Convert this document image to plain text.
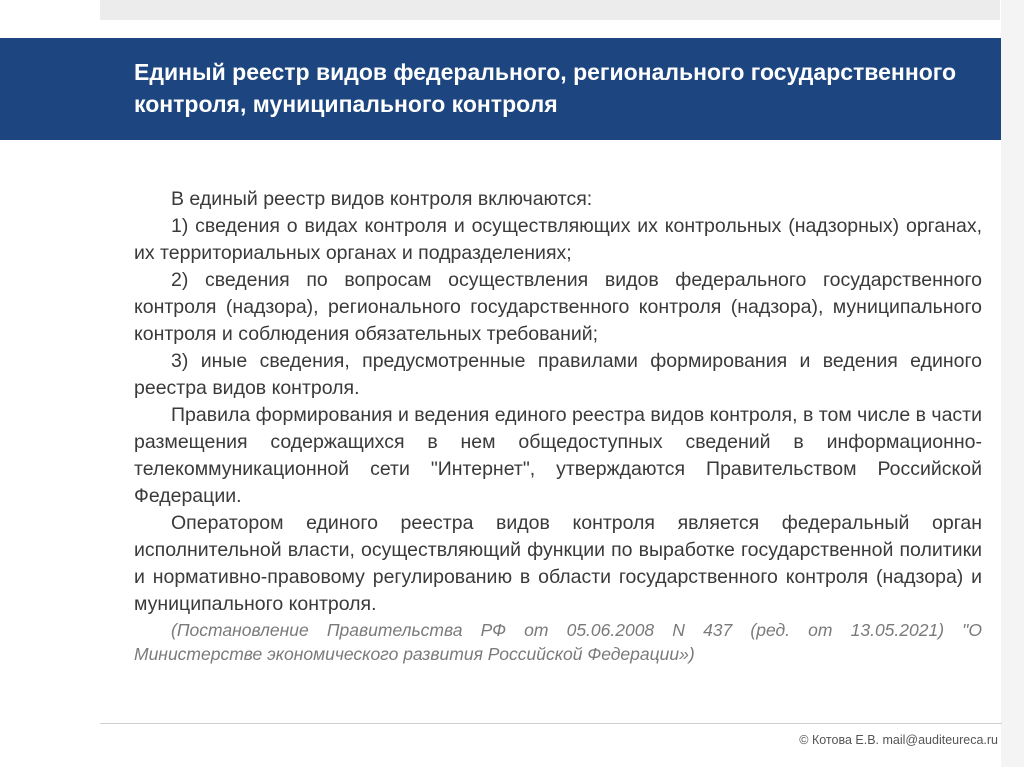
Единый реестр видов федерального, регионального государственного контроля, муниципального контроля

В единый реестр видов контроля включаются:

1) сведения о видах контроля и осуществляющих их контрольных (надзорных) органах, их территориальных органах и подразделениях;

2) сведения по вопросам осуществления видов федерального государственного контроля (надзора), регионального государственного контроля (надзора), муниципального контроля и соблюдения обязательных требований;

3) иные сведения, предусмотренные правилами формирования и ведения единого реестра видов контроля.

Правила формирования и ведения единого реестра видов контроля, в том числе в части размещения содержащихся в нем общедоступных сведений в информационно-телекоммуникационной сети "Интернет", утверждаются Правительством Российской Федерации.

Оператором единого реестра видов контроля является федеральный орган исполнительной власти, осуществляющий функции по выработке государственной политики и нормативно-правовому регулированию в области государственного контроля (надзора) и муниципального контроля.

(Постановление Правительства РФ от 05.06.2008 N 437 (ред. от 13.05.2021) "О Министерстве экономического развития Российской Федерации»)

© Котова Е.В. mail@auditeureca.ru
